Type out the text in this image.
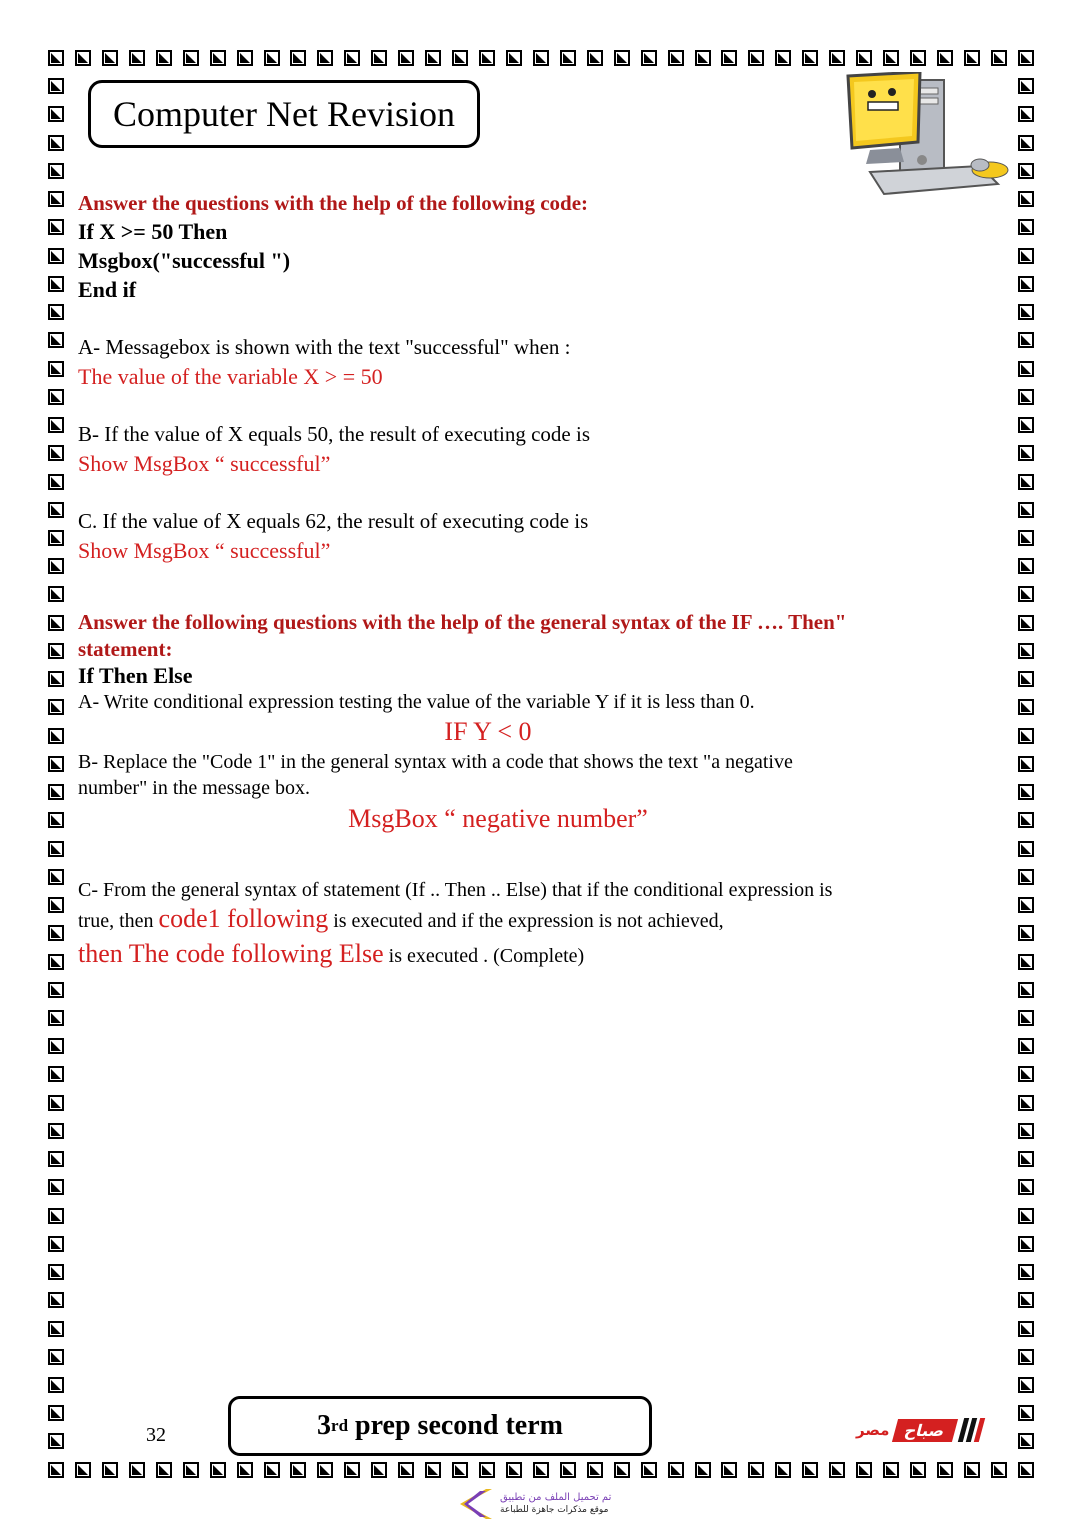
Computer Net Revision
Answer the questions with the help of the following code:
If X >= 50 Then
Msgbox("successful ")
End if
A- Messagebox is shown with the text "successful" when :
The value of the variable X > = 50
B- If the value of X equals 50, the result of executing code is
Show MsgBox “ successful”
C. If the value of X equals 62, the result of executing code is
Show MsgBox “ successful”
Answer the following questions with the help of the general syntax of the IF …. Then"
statement:
If Then Else
A- Write conditional expression testing the value of the variable Y if it is less than 0.
IF Y < 0
B- Replace the "Code 1" in the general syntax with a code that shows the text "a negative
number" in the message box.
MsgBox “ negative number”
C- From the general syntax of statement (If .. Then .. Else) that if the conditional expression is
true, then code1 following is executed and if the expression is not achieved,
then The code following Else is executed . (Complete)
32	3 rd prep second term	مصر صباح
تم تحميل الملف من تطبيق
موقع مذكرات جاهزة للطباعة
